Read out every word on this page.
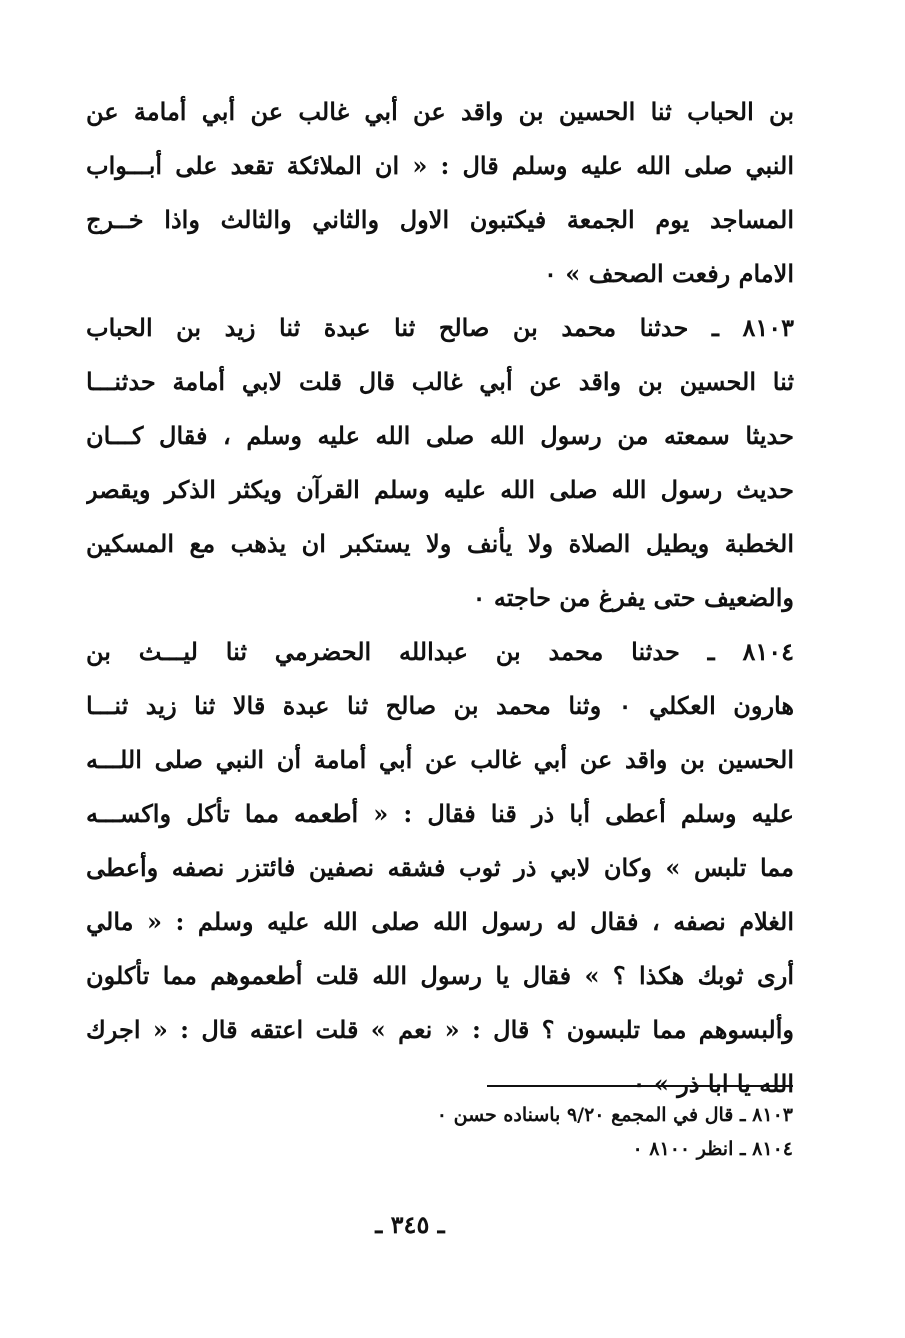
بن الحباب ثنا الحسين بن واقد عن أبي غالب عن أبي أمامة عن
النبي صلى الله عليه وسلم قال : « ان الملائكة تقعد على أبـــواب
المساجد يوم الجمعة فيكتبون الاول والثاني والثالث واذا خــرج
الامام رفعت الصحف » ٠
٨١٠٣ ـ حدثنا محمد بن صالح ثنا عبدة ثنا زيد بن الحباب
ثنا الحسين بن واقد عن أبي غالب قال قلت لابي أمامة حدثنـــا
حديثا سمعته من رسول الله صلى الله عليه وسلم ، فقال كـــان
حديث رسول الله صلى الله عليه وسلم القرآن ويكثر الذكر ويقصر
الخطبة ويطيل الصلاة ولا يأنف ولا يستكبر ان يذهب مع المسكين
والضعيف حتى يفرغ من حاجته ٠
٨١٠٤ ـ حدثنا محمد بن عبدالله الحضرمي ثنا ليـــث بن
هارون العكلي ٠ وثنا محمد بن صالح ثنا عبدة قالا ثنا زيد ثنـــا
الحسين بن واقد عن أبي غالب عن أبي أمامة أن النبي صلى اللـــه
عليه وسلم أعطى أبا ذر قنا فقال : « أطعمه مما تأكل واكســـه
مما تلبس » وكان لابي ذر ثوب فشقه نصفين فائتزر نصفه وأعطى
الغلام نصفه ، فقال له رسول الله صلى الله عليه وسلم : « مالي
أرى ثوبك هكذا ؟ » فقال يا رسول الله قلت أطعموهم مما تأكلون
وألبسوهم مما تلبسون ؟ قال : « نعم » قلت اعتقه قال : « اجرك
الله يا ابا ذر » ٠
٨١٠٣ ـ قال في المجمع ٩/٢٠ باسناده حسن ٠
٨١٠٤ ـ انظر ٨١٠٠ ٠
ـ ٣٤٥ ـ
